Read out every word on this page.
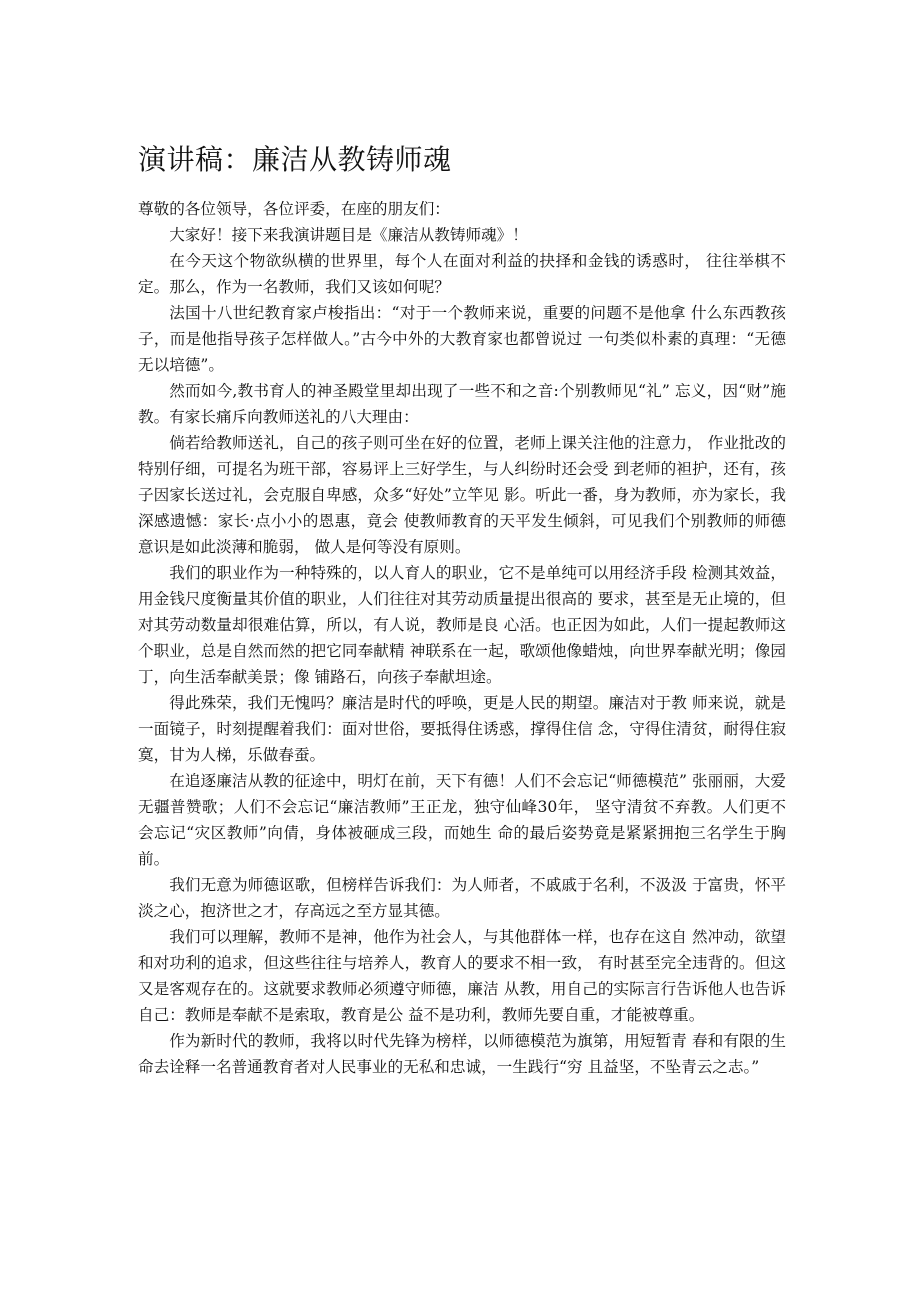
演讲稿：廉洁从教铸师魂

尊敬的各位领导，各位评委，在座的朋友们：

大家好！接下来我演讲题目是《廉洁从教铸师魂》！

在今天这个物欲纵横的世界里，每个人在面对利益的抉择和金钱的诱惑时， 往往举棋不定。那么，作为一名教师，我们又该如何呢？

法国十八世纪教育家卢梭指出：“对于一个教师来说，重要的问题不是他拿 什么东西教孩子，而是他指导孩子怎样做人。”古今中外的大教育家也都曾说过 一句类似朴素的真理：“无德无以培德”。

然而如今,教书育人的神圣殿堂里却出现了一些不和之音:个别教师见“礼” 忘义，因“财”施教。有家长痛斥向教师送礼的八大理由：

倘若给教师送礼，自己的孩子则可坐在好的位置，老师上课关注他的注意力， 作业批改的特别仔细，可提名为班干部，容易评上三好学生，与人纠纷时还会受 到老师的袒护，还有，孩子因家长送过礼，会克服自卑感，众多“好处”立竿见 影。听此一番，身为教师，亦为家长，我深感遗憾：家长·点小小的恩惠，竟会 使教师教育的天平发生倾斜，可见我们个别教师的师德意识是如此淡薄和脆弱， 做人是何等没有原则。

我们的职业作为一种特殊的，以人育人的职业，它不是单纯可以用经济手段 检测其效益，用金钱尺度衡量其价值的职业，人们往往对其劳动质量提出很高的 要求，甚至是无止境的，但对其劳动数量却很难估算，所以，有人说，教师是良 心活。也正因为如此，人们一提起教师这个职业，总是自然而然的把它同奉献精 神联系在一起，歌颂他像蜡烛，向世界奉献光明；像园丁，向生活奉献美景；像 铺路石，向孩子奉献坦途。

得此殊荣，我们无愧吗？廉洁是时代的呼唤，更是人民的期望。廉洁对于教 师来说，就是一面镜子，时刻提醒着我们：面对世俗，要抵得住诱惑，撑得住信 念，守得住清贫，耐得住寂寞，甘为人梯，乐做春蚕。

在追逐廉洁从教的征途中，明灯在前，天下有德！人们不会忘记“师德模范” 张丽丽，大爱无疆普赞歌；人们不会忘记“廉洁教师”王正龙，独守仙峰30年， 坚守清贫不弃教。人们更不会忘记“灾区教师”向倩，身体被砸成三段，而她生 命的最后姿势竟是紧紧拥抱三名学生于胸前。

我们无意为师德讴歌，但榜样告诉我们：为人师者，不戚戚于名利，不汲汲 于富贵，怀平淡之心，抱济世之才，存高远之至方显其德。

我们可以理解，教师不是神，他作为社会人，与其他群体一样，也存在这自 然冲动，欲望和对功利的追求，但这些往往与培养人，教育人的要求不相一致， 有时甚至完全违背的。但这又是客观存在的。这就要求教师必须遵守师德，廉洁 从教，用自己的实际言行告诉他人也告诉自己：教师是奉献不是索取，教育是公 益不是功利，教师先要自重，才能被尊重。

作为新时代的教师，我将以时代先锋为榜样，以师德模范为旗第，用短暂青 春和有限的生命去诠释一名普通教育者对人民事业的无私和忠诚，一生践行“穷 且益坚，不坠青云之志。”
